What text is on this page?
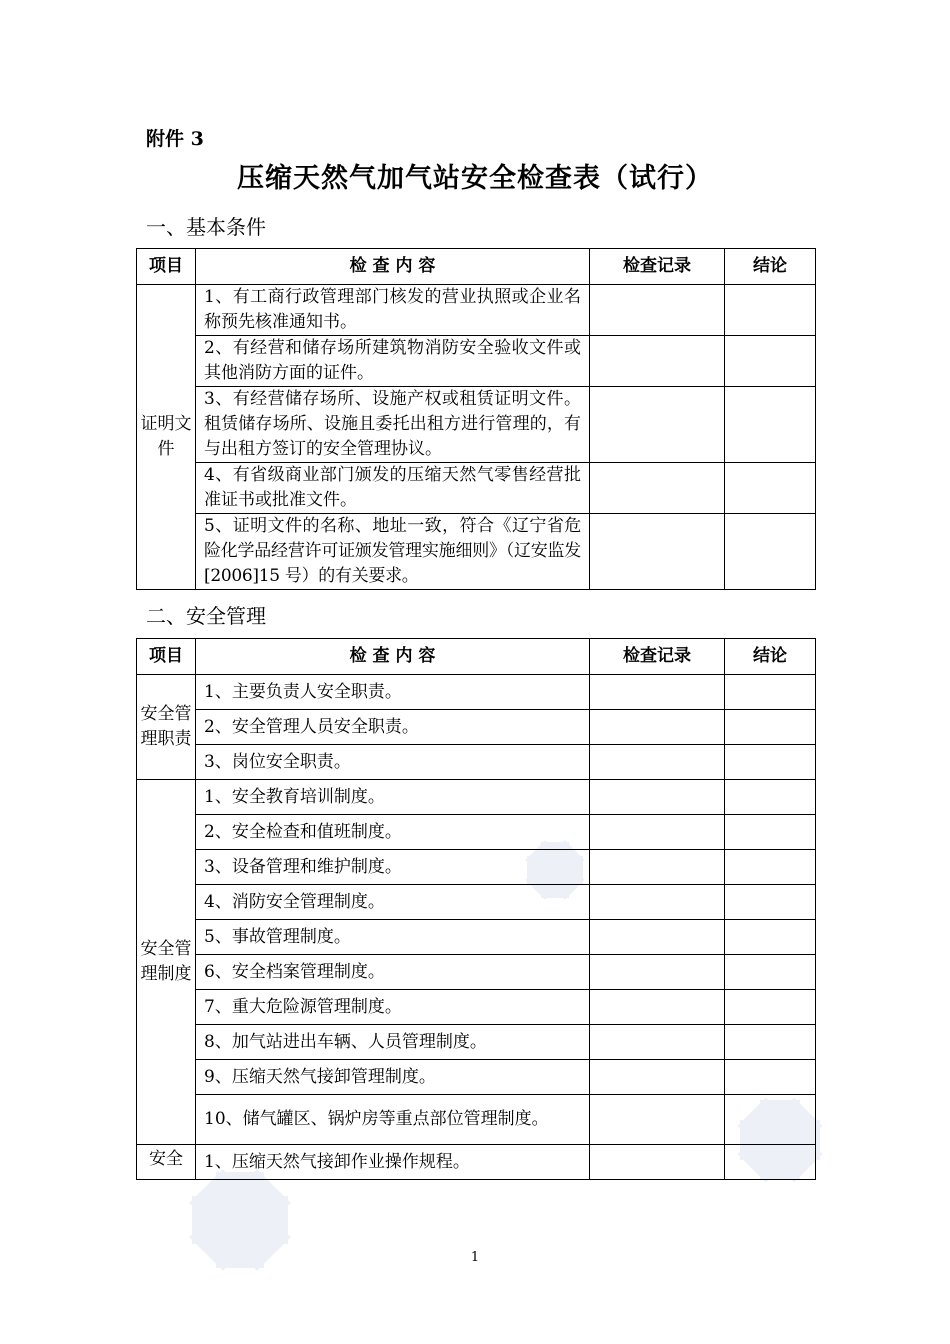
附件 3
压缩天然气加气站安全检查表（试行）
一、基本条件
项目	检 查 内 容	检查记录	结论
证明文件	1、有工商行政管理部门核发的营业执照或企业名称预先核准通知书。		
	2、有经营和储存场所建筑物消防安全验收文件或其他消防方面的证件。		
	3、有经营储存场所、设施产权或租赁证明文件。租赁储存场所、设施且委托出租方进行管理的，有与出租方签订的安全管理协议。		
	4、有省级商业部门颁发的压缩天然气零售经营批准证书或批准文件。		
	5、证明文件的名称、地址一致，符合《辽宁省危险化学品经营许可证颁发管理实施细则》（辽安监发[2006]15 号）的有关要求。		
二、安全管理
项目	检 查 内 容	检查记录	结论
安全管理职责	1、主要负责人安全职责。		
	2、安全管理人员安全职责。		
	3、岗位安全职责。		
安全管理制度	1、安全教育培训制度。		
	2、安全检查和值班制度。		
	3、设备管理和维护制度。		
	4、消防安全管理制度。		
	5、事故管理制度。		
	6、安全档案管理制度。		
	7、重大危险源管理制度。		
	8、加气站进出车辆、人员管理制度。		
	9、压缩天然气接卸管理制度。		
	10、储气罐区、锅炉房等重点部位管理制度。		
安全	1、压缩天然气接卸作业操作规程。		
1
